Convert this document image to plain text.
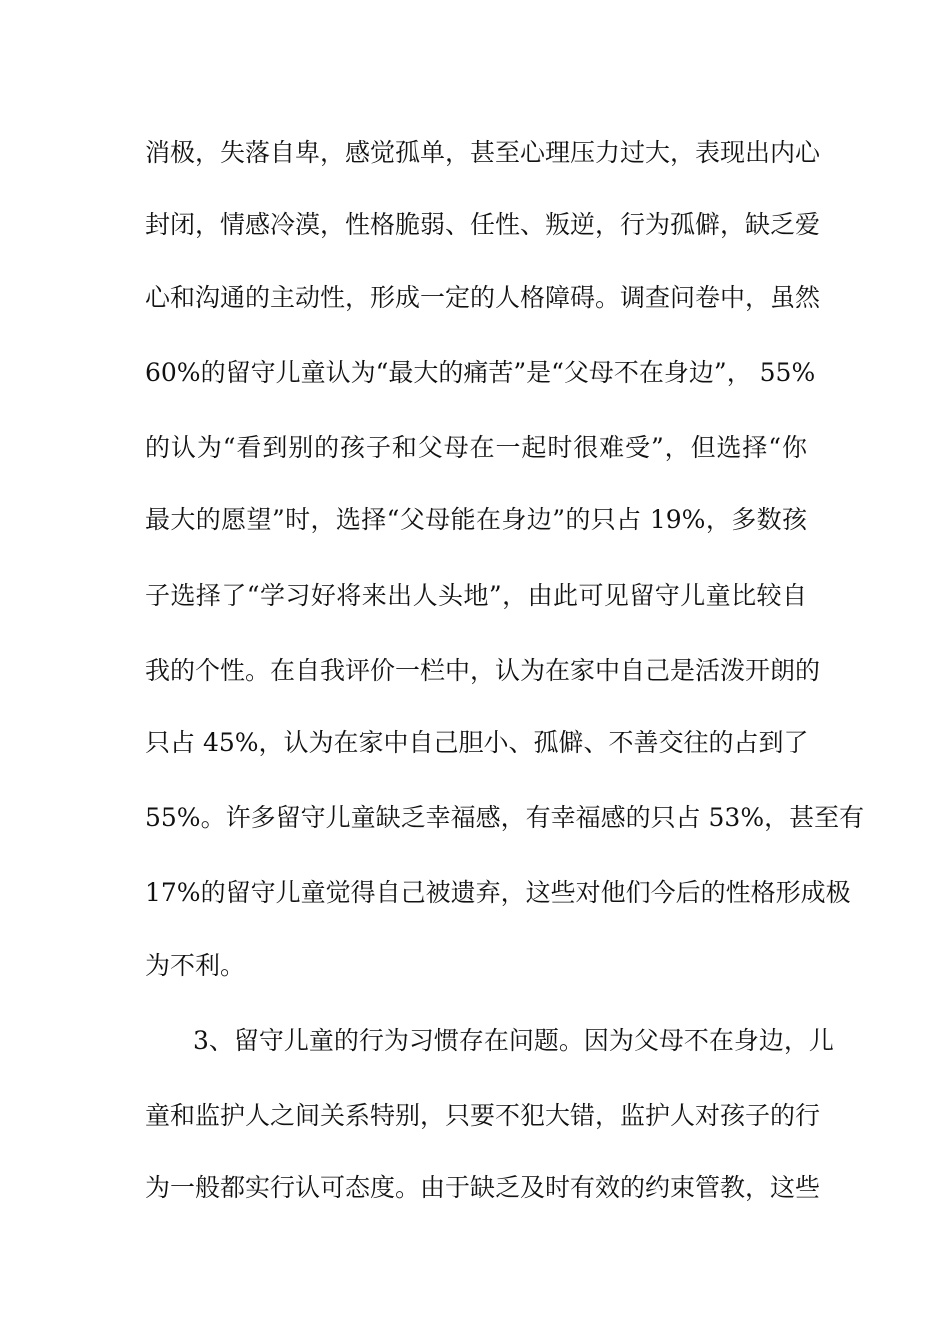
消极，失落自卑，感觉孤单，甚至心理压力过大，表现出内心
封闭，情感冷漠，性格脆弱、任性、叛逆，行为孤僻，缺乏爱
心和沟通的主动性，形成一定的人格障碍。调查问卷中，虽然
60%的留守儿童认为“最大的痛苦”是“父母不在身边”， 55%
的认为“看到别的孩子和父母在一起时很难受”，但选择“你
最大的愿望”时，选择“父母能在身边”的只占 19%，多数孩
子选择了“学习好将来出人头地”，由此可见留守儿童比较自
我的个性。在自我评价一栏中，认为在家中自己是活泼开朗的
只占 45%，认为在家中自己胆小、孤僻、不善交往的占到了
55%。许多留守儿童缺乏幸福感，有幸福感的只占 53%，甚至有
17%的留守儿童觉得自己被遗弃，这些对他们今后的性格形成极
为不利。
3、留守儿童的行为习惯存在问题。因为父母不在身边，儿
童和监护人之间关系特别，只要不犯大错，监护人对孩子的行
为一般都实行认可态度。由于缺乏及时有效的约束管教，这些
